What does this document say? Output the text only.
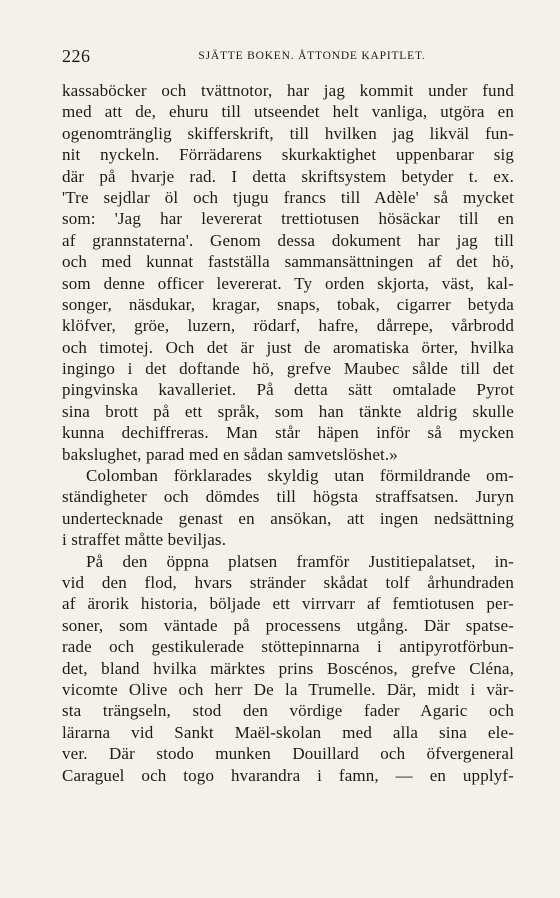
226	SJÄTTE BOKEN. ÅTTONDE KAPITLET.
kassaböcker och tvättnotor, har jag kommit under fund
med att de, ehuru till utseendet helt vanliga, utgöra en
ogenomtränglig skifferskrift, till hvilken jag likväl fun-
nit nyckeln. Förrädarens skurkaktighet uppenbarar sig
där på hvarje rad. I detta skriftsystem betyder t. ex.
'Tre sejdlar öl och tjugu francs till Adèle' så mycket
som: 'Jag har levererat trettiotusen hösäckar till en
af grannstaterna'. Genom dessa dokument har jag till
och med kunnat fastställa sammansättningen af det hö,
som denne officer levererat. Ty orden skjorta, väst, kal-
songer, näsdukar, kragar, snaps, tobak, cigarrer betyda
klöfver, gröe, luzern, rödarf, hafre, dårrepe, vårbrodd
och timotej. Och det är just de aromatiska örter, hvilka
ingingo i det doftande hö, grefve Maubec sålde till det
pingvinska kavalleriet. På detta sätt omtalade Pyrot
sina brott på ett språk, som han tänkte aldrig skulle
kunna dechiffreras. Man står häpen inför så mycken
bakslughet, parad med en sådan samvetslöshet.»
Colomban förklarades skyldig utan förmildrande om-
ständigheter och dömdes till högsta straffsatsen. Juryn
undertecknade genast en ansökan, att ingen nedsättning
i straffet måtte beviljas.
På den öppna platsen framför Justitiepalatset, in-
vid den flod, hvars stränder skådat tolf århundraden
af ärorik historia, böljade ett virrvarr af femtiotusen per-
soner, som väntade på processens utgång. Där spatse-
rade och gestikulerade stöttepinnarna i antipyrotförbun-
det, bland hvilka märktes prins Boscénos, grefve Cléna,
vicomte Olive och herr De la Trumelle. Där, midt i vär-
sta trängseln, stod den vördige fader Agaric och
lärarna vid Sankt Maël-skolan med alla sina ele-
ver. Där stodo munken Douillard och öfvergeneral
Caraguel och togo hvarandra i famn, — en upplyf-
